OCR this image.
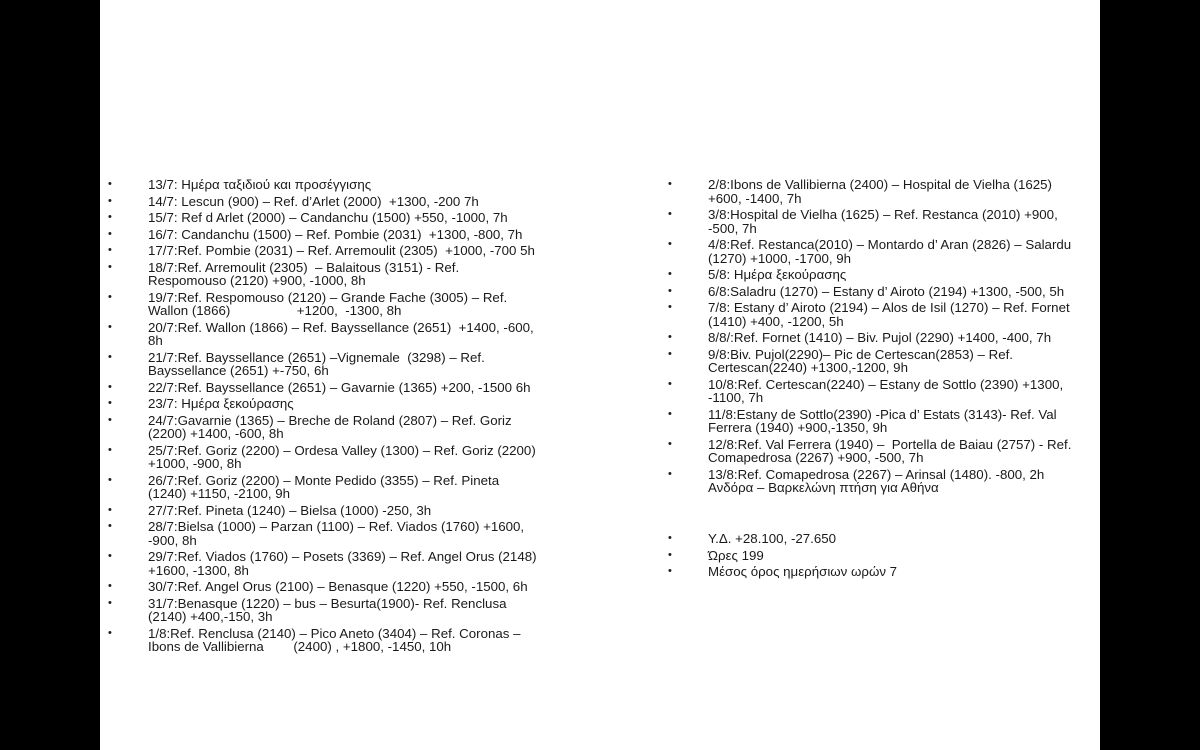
•	13/7: Ημέρα ταξιδιού και προσέγγισης
•	14/7: Lescun (900) – Ref. d’Arlet (2000)  +1300, -200 7h
•	15/7: Ref d Arlet (2000) – Candanchu (1500) +550, -1000, 7h
•	16/7: Candanchu (1500) – Ref. Pombie (2031)  +1300, -800, 7h
•	17/7:Ref. Pombie (2031) – Ref. Arremoulit (2305)  +1000, -700 5h
•	18/7:Ref. Arremoulit (2305)  – Balaitous (3151) - Ref. Respomouso (2120) +900, -1000, 8h
•	19/7:Ref. Respomouso (2120) – Grande Fache (3005) – Ref. Wallon (1866)                  +1200,  -1300, 8h
•	20/7:Ref. Wallon (1866) – Ref. Bayssellance (2651)  +1400, -600, 8h
•	21/7:Ref. Bayssellance (2651) –Vignemale  (3298) – Ref. Bayssellance (2651) +-750, 6h
•	22/7:Ref. Bayssellance (2651) – Gavarnie (1365) +200, -1500 6h
•	23/7: Ημέρα ξεκούρασης
•	24/7:Gavarnie (1365) – Breche de Roland (2807) – Ref. Goriz (2200) +1400, -600, 8h
•	25/7:Ref. Goriz (2200) – Ordesa Valley (1300) – Ref. Goriz (2200) +1000, -900, 8h
•	26/7:Ref. Goriz (2200) – Monte Pedido (3355) – Ref. Pineta (1240) +1150, -2100, 9h
•	27/7:Ref. Pineta (1240) – Bielsa (1000) -250, 3h
•	28/7:Bielsa (1000) – Parzan (1100) – Ref. Viados (1760) +1600, -900, 8h
•	29/7:Ref. Viados (1760) – Posets (3369) – Ref. Angel Orus (2148) +1600, -1300, 8h
•	30/7:Ref. Angel Orus (2100) – Benasque (1220) +550, -1500, 6h
•	31/7:Benasque (1220) – bus – Besurta(1900)- Ref. Renclusa (2140) +400,-150, 3h
•	1/8:Ref. Renclusa (2140) – Pico Aneto (3404) – Ref. Coronas – Ibons de Vallibierna        (2400) , +1800, -1450, 10h
•	2/8:Ibons de Vallibierna (2400) – Hospital de Vielha (1625) +600, -1400, 7h
•	3/8:Hospital de Vielha (1625) – Ref. Restanca (2010) +900, -500, 7h
•	4/8:Ref. Restanca(2010) – Montardo d’ Aran (2826) – Salardu (1270) +1000, -1700, 9h
•	5/8: Ημέρα ξεκούρασης
•	6/8:Saladru (1270) – Estany d’ Airoto (2194) +1300, -500, 5h
•	7/8: Estany d’ Airoto (2194) – Alos de Isil (1270) – Ref. Fornet (1410) +400, -1200, 5h
•	8/8/:Ref. Fornet (1410) – Biv. Pujol (2290) +1400, -400, 7h
•	9/8:Biv. Pujol(2290)– Pic de Certescan(2853) – Ref. Certescan(2240) +1300,-1200, 9h
•	10/8:Ref. Certescan(2240) – Estany de Sottlo (2390) +1300, -1100, 7h
•	11/8:Estany de Sottlo(2390) -Pica d’ Estats (3143)- Ref. Val Ferrera (1940) +900,-1350, 9h
•	12/8:Ref. Val Ferrera (1940) –  Portella de Baiau (2757) - Ref. Comapedrosa (2267) +900, -500, 7h
•	13/8:Ref. Comapedrosa (2267) – Arinsal (1480). -800, 2h
Ανδόρα – Βαρκελώνη πτήση για Αθήνα
•	Υ.Δ. +28.100, -27.650
•	Ώρες 199
•	Μέσος όρος ημερήσιων ωρών 7
